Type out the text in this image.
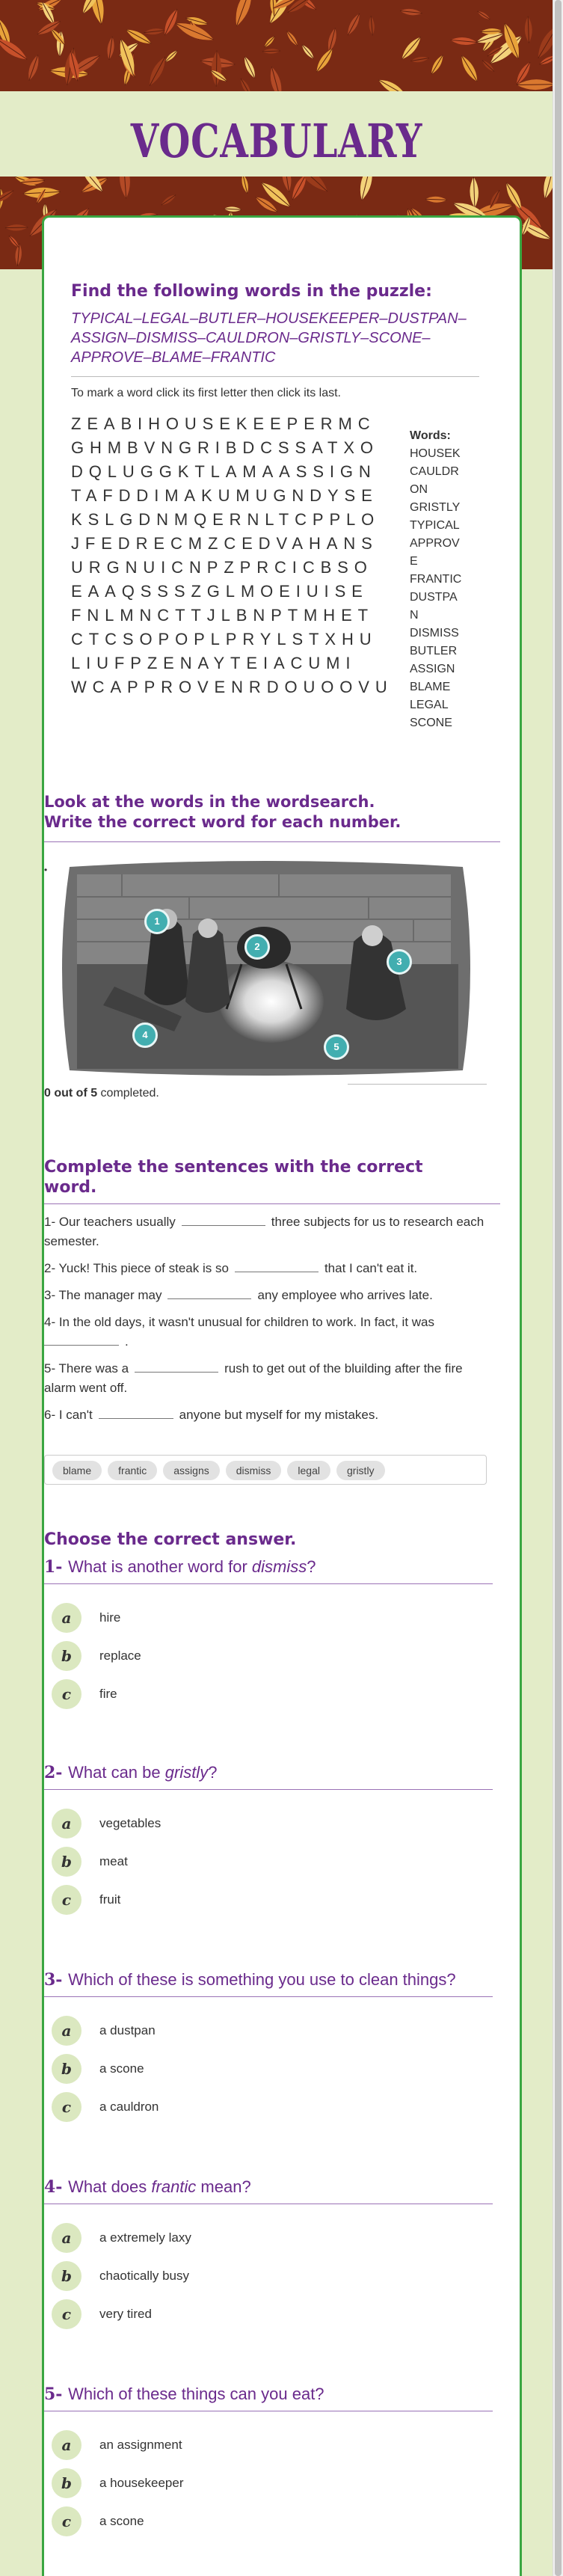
VOCABULARY
Find the following words in the puzzle:
TYPICAL–LEGAL–BUTLER–HOUSEKEEPER–DUSTPAN–
ASSIGN–DISMISS–CAULDRON–GRISTLY–SCONE–
APPROVE–BLAME–FRANTIC
To mark a word click its first letter then click its last.
ZEABIHOUSEKEEPERMC
GHMBVNGRIBDCSSATXO
DQLUGGKTLAMAASSIGN
TAFDDIMAKUMUGNDYSE
KSLGDNMQERNLTCPPLO
JFEDRECMZCEDVAHANS
URGNUICNPZPRCICBSO
EAAQSSSZGLMOEIUISE
FNLMNCTTJLBNPTMHET
CTCSOPOPLPRYLSTXHU
LIUFPZENAYTEIACUMI
WCAPPROVENRDOUOOVU
Words:
HOUSEK
CAULDR
ON
GRISTLY
TYPICAL
APPROV
E
FRANTIC
DUSTPA
N
DISMISS
BUTLER
ASSIGN
BLAME
LEGAL
SCONE
Look at the words in the wordsearch.
Write the correct word for each number.
•
1
2
3
4
5
0 out of 5 completed.
Complete the sentences with the correct
word.
1- Our teachers usually	three subjects for us to research each semester.
2- Yuck! This piece of steak is so	that I can't eat it.
3- The manager may	any employee who arrives late.
4- In the old days, it wasn't unusual for children to work. In fact, it was.
5- There was a	rush to get out of the bluilding after the fire alarm went off.
6- I can't	anyone but myself for my mistakes.
blame	frantic	assigns	dismiss	legal	gristly
Choose the correct answer.
1- What is another word for dismiss?
a	hire
b	replace
c	fire
2- What can be gristly?
a	vegetables
b	meat
c	fruit
3- Which of these is something you use to clean things?
a	a dustpan
b	a scone
c	a cauldron
4- What does frantic mean?
a	a extremely laxy
b	chaotically busy
c	very tired
5- Which of these things can you eat?
a	an assignment
b	a housekeeper
c	a scone
